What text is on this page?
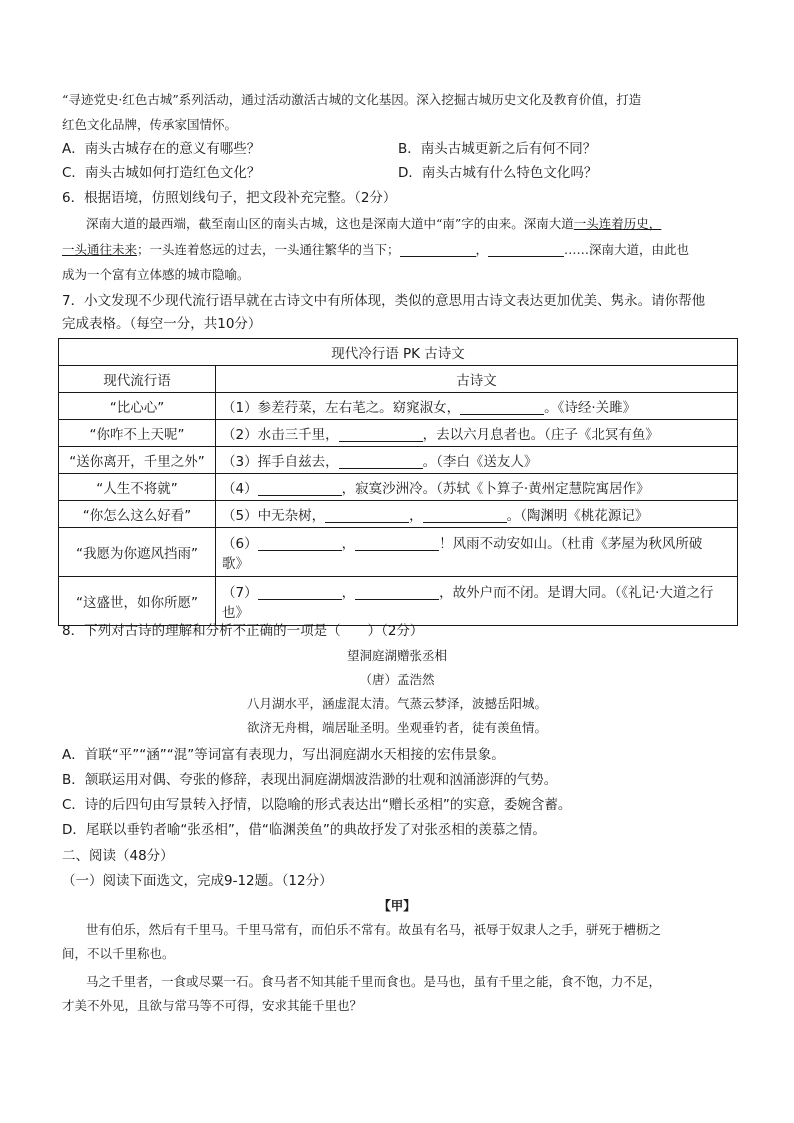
“寻迹党史·红色古城”系列活动，通过活动激活古城的文化基因。深入挖掘古城历史文化及教育价值，打造
红色文化品牌，传承家国情怀。
A．南头古城存在的意义有哪些？	B．南头古城更新之后有何不同？
C．南头古城如何打造红色文化？	D．南头古城有什么特色文化吗？
6．根据语境，仿照划线句子，把文段补充完整。（2分）
深南大道的最西端，截至南山区的南头古城，这也是深南大道中“南”字的由来。深南大道一头连着历史，
一头通往未来；一头连着悠远的过去，一头通往繁华的当下；	，	……深南大道，由此也
成为一个富有立体感的城市隐喻。
7．小文发现不少现代流行语早就在古诗文中有所体现，类似的意思用古诗文表达更加优美、隽永。请你帮他
完成表格。（每空一分，共10分）
现代冷行语 PK 古诗文	
现代流行语	古诗文
“比心心”	（1）参差荇菜，左右芼之。窈窕淑女， 。《诗经·关雎》
“你咋不上天呢”	（2）水击三千里， ，去以六月息者也。（庄子《北冥有鱼》
“送你离开，千里之外”	（3）挥手自兹去， 。（李白《送友人》
“人生不将就”	（4） ，寂寞沙洲冷。（苏轼《卜算子·黄州定慧院寓居作》
“你怎么这么好看”	（5）中无杂树， ， 。（陶渊明《桃花源记》
“我愿为你遮风挡雨”	（6） ， ！风雨不动安如山。（杜甫《茅屋为秋风所破
歌》
“这盛世，如你所愿”	（7） ， ，故外户而不闭。是谓大同。（《礼记·大道之行
也》
8．下列对古诗的理解和分析不正确的一项是（　　）（2分）
望洞庭湖赠张丞相
（唐）孟浩然
八月湖水平，涵虚混太清。气蒸云梦泽，波撼岳阳城。
欲济无舟楫，端居耻圣明。坐观垂钓者，徒有羡鱼情。
A．首联“平”“涵”“混”等词富有表现力，写出洞庭湖水天相接的宏伟景象。
B．颔联运用对偶、夸张的修辞，表现出洞庭湖烟波浩渺的壮观和汹涌澎湃的气势。
C．诗的后四句由写景转入抒情，以隐喻的形式表达出“赠长丞相”的实意，委婉含蓄。
D．尾联以垂钓者喻“张丞相”，借“临渊羡鱼”的典故抒发了对张丞相的羡慕之情。
二、阅读（48分）
（一）阅读下面选文，完成9-12题。（12分）
【甲】
世有伯乐，然后有千里马。千里马常有，而伯乐不常有。故虽有名马，祇辱于奴隶人之手，骈死于槽枥之
间，不以千里称也。
马之千里者，一食或尽粟一石。食马者不知其能千里而食也。是马也，虽有千里之能，食不饱，力不足，
才美不外见，且欲与常马等不可得，安求其能千里也？
